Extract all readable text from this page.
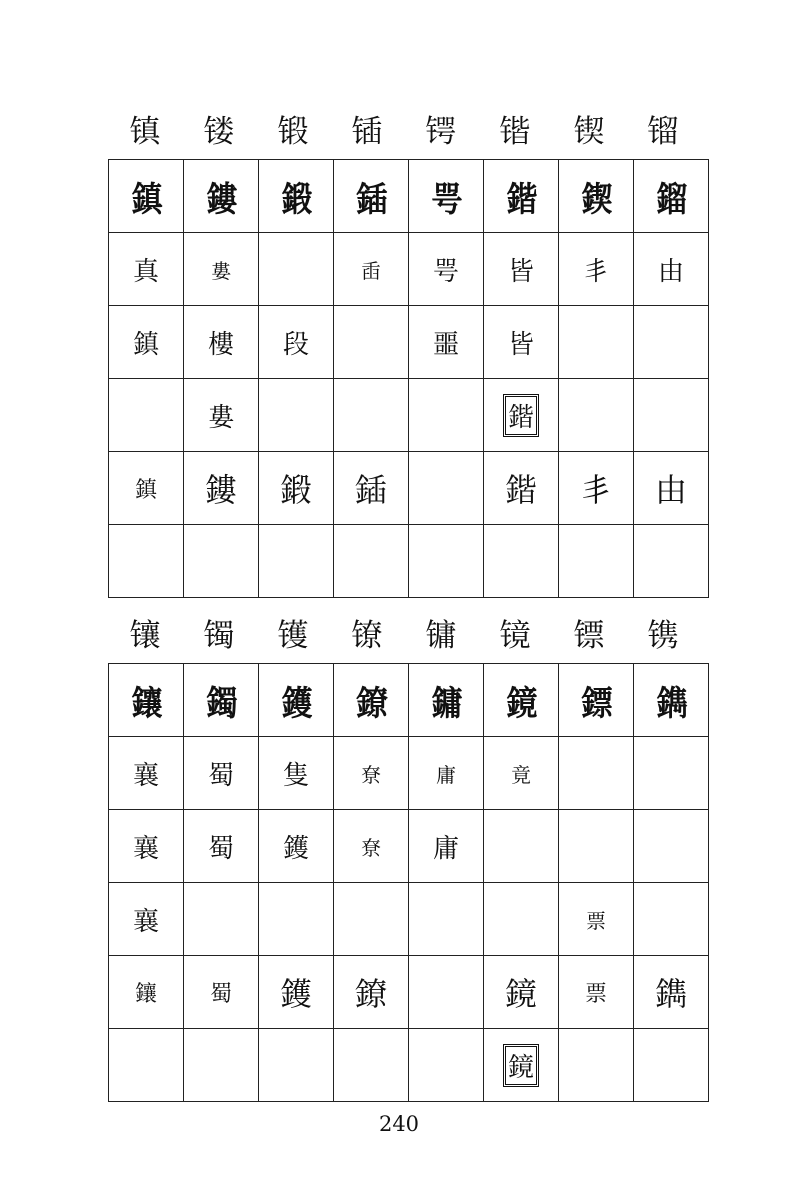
镇	镂	锻	锸	锷	锴	锲	镏
鎮	鏤	鍛	鍤	咢	鍇	鍥	鎦
真	婁		臿	咢	皆	丯	由
鎮	樓	段		噩	皆		
	婁				鍇		
鎮	鏤	鍛	鍤		鍇	丯	由

镶	镯	镬	镣	镛	镜	镖	镌
鑲	鐲	鑊	鐐	鏞	鏡	鏢	鐫
襄	蜀	隻	尞	庸	竟		
襄	蜀	鑊	尞	庸			
襄						票	
鑲	蜀	鑊	鐐		鏡	票	鐫
					鏡		
240
